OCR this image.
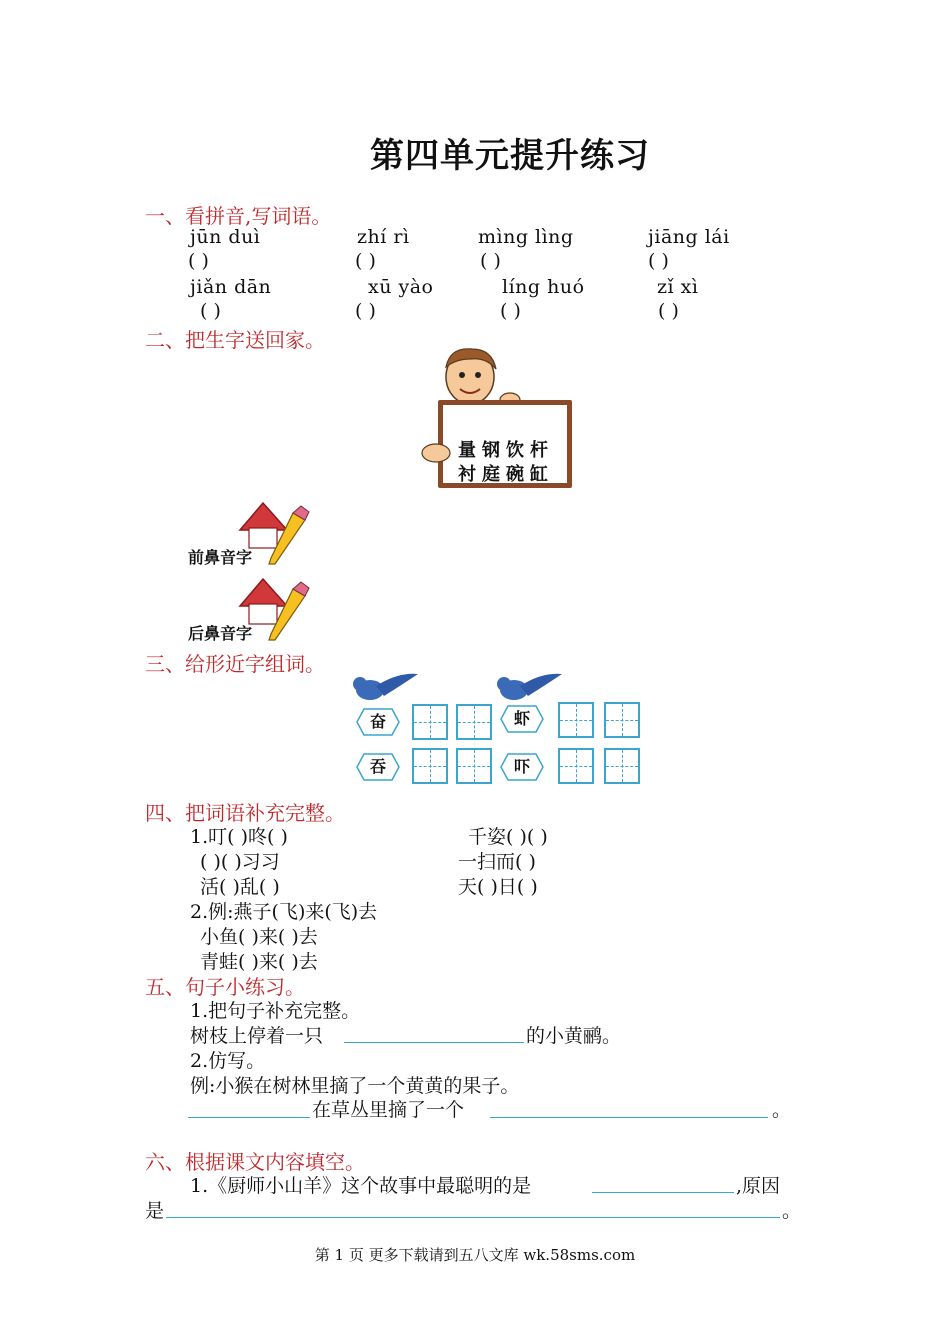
第四单元提升练习
一、看拼音,写词语。
jūn duì	zhí rì	mìng lìng	jiāng lái
( )	( )	( )	( )
jiǎn dān	xū yào	líng huó	zǐ xì
( )	( )	( )	( )
二、把生字送回家。
量钢饮杆
衬庭碗缸
前鼻音字
后鼻音字
三、给形近字组词。
奋	虾
吞	吓
四、把词语补充完整。
1.叮( )咚( )	千姿( )( )
( )( )习习	一扫而( )
活( )乱( )	天( )日( )
2.例:燕子(飞)来(飞)去
小鱼( )来( )去
青蛙( )来( )去
五、句子小练习。
1.把句子补充完整。
树枝上停着一只	的小黄鹂。
2.仿写。
例:小猴在树林里摘了一个黄黄的果子。
在草丛里摘了一个	。
六、根据课文内容填空。
1.《厨师小山羊》这个故事中最聪明的是	,原因
是	。
第 1 页 更多下载请到五八文库 wk.58sms.com
